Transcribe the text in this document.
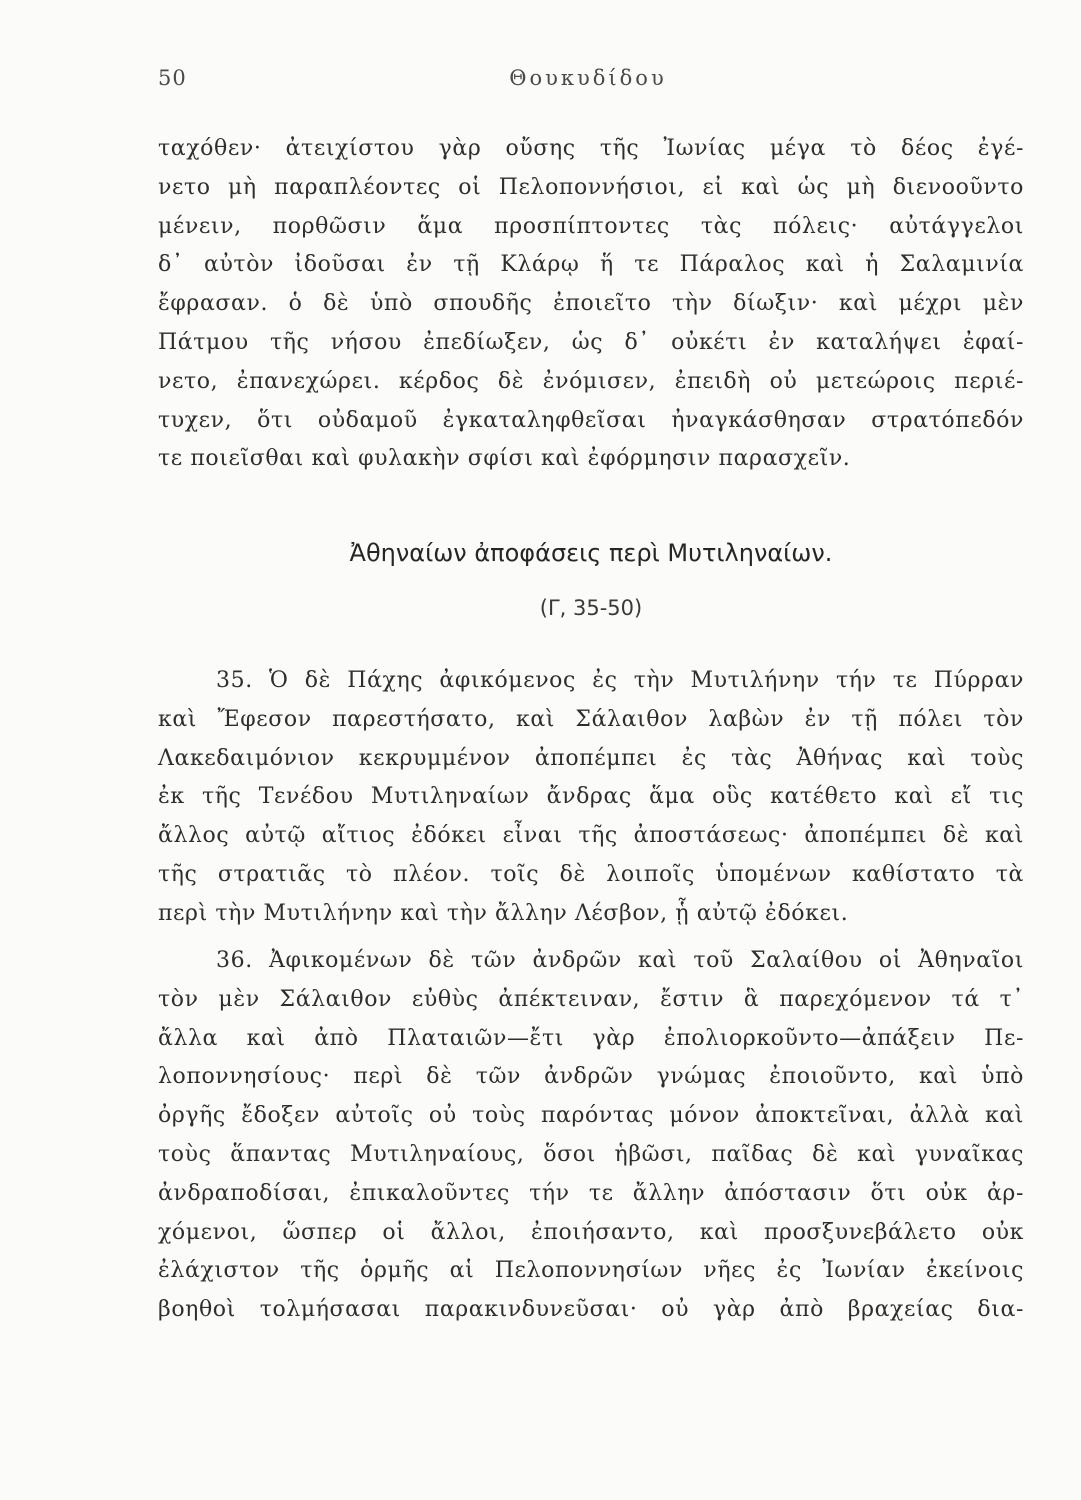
50	Θουκυδίδου
ταχόθεν· ἀτειχίστου γὰρ οὔσης τῆς Ἰωνίας μέγα τὸ δέος ἐγέ-
νετο μὴ παραπλέοντες οἱ Πελοποννήσιοι, εἰ καὶ ὡς μὴ διενοοῦντο
μένειν, πορθῶσιν ἅμα προσπίπτοντες τὰς πόλεις· αὐτάγγελοι
δ᾽ αὐτὸν ἰδοῦσαι ἐν τῇ Κλάρῳ ἥ τε Πάραλος καὶ ἡ Σαλαμινία
ἔφρασαν. ὁ δὲ ὑπὸ σπουδῆς ἐποιεῖτο τὴν δίωξιν· καὶ μέχρι μὲν
Πάτμου τῆς νήσου ἐπεδίωξεν, ὡς δ᾽ οὐκέτι ἐν καταλήψει ἐφαί-
νετο, ἐπανεχώρει. κέρδος δὲ ἐνόμισεν, ἐπειδὴ οὐ μετεώροις περιέ-
τυχεν, ὅτι οὐδαμοῦ ἐγκαταληφθεῖσαι ἠναγκάσθησαν στρατόπεδόν
τε ποιεῖσθαι καὶ φυλακὴν σφίσι καὶ ἐφόρμησιν παρασχεῖν.
Ἀθηναίων ἀποφάσεις περὶ Μυτιληναίων.
(Γ, 35-50)
35. Ὁ δὲ Πάχης ἀφικόμενος ἐς τὴν Μυτιλήνην τήν τε Πύρραν
καὶ Ἔφεσον παρεστήσατο, καὶ Σάλαιθον λαβὼν ἐν τῇ πόλει τὸν
Λακεδαιμόνιον κεκρυμμένον ἀποπέμπει ἐς τὰς Ἀθήνας καὶ τοὺς
ἐκ τῆς Τενέδου Μυτιληναίων ἄνδρας ἅμα οὓς κατέθετο καὶ εἴ τις
ἄλλος αὐτῷ αἴτιος ἐδόκει εἶναι τῆς ἀποστάσεως· ἀποπέμπει δὲ καὶ
τῆς στρατιᾶς τὸ πλέον. τοῖς δὲ λοιποῖς ὑπομένων καθίστατο τὰ
περὶ τὴν Μυτιλήνην καὶ τὴν ἄλλην Λέσβον, ᾗ αὐτῷ ἐδόκει.
36. Ἀφικομένων δὲ τῶν ἀνδρῶν καὶ τοῦ Σαλαίθου οἱ Ἀθηναῖοι
τὸν μὲν Σάλαιθον εὐθὺς ἀπέκτειναν, ἔστιν ἃ παρεχόμενον τά τ᾽
ἄλλα καὶ ἀπὸ Πλαταιῶν—ἔτι γὰρ ἐπολιορκοῦντο—ἀπάξειν Πε-
λοποννησίους· περὶ δὲ τῶν ἀνδρῶν γνώμας ἐποιοῦντο, καὶ ὑπὸ
ὀργῆς ἔδοξεν αὐτοῖς οὐ τοὺς παρόντας μόνον ἀποκτεῖναι, ἀλλὰ καὶ
τοὺς ἅπαντας Μυτιληναίους, ὅσοι ἡβῶσι, παῖδας δὲ καὶ γυναῖκας
ἀνδραποδίσαι, ἐπικαλοῦντες τήν τε ἄλλην ἀπόστασιν ὅτι οὐκ ἀρ-
χόμενοι, ὥσπερ οἱ ἄλλοι, ἐποιήσαντο, καὶ προσξυνεβάλετο οὐκ
ἐλάχιστον τῆς ὁρμῆς αἱ Πελοποννησίων νῆες ἐς Ἰωνίαν ἐκείνοις
βοηθοὶ τολμήσασαι παρακινδυνεῦσαι· οὐ γὰρ ἀπὸ βραχείας δια-
